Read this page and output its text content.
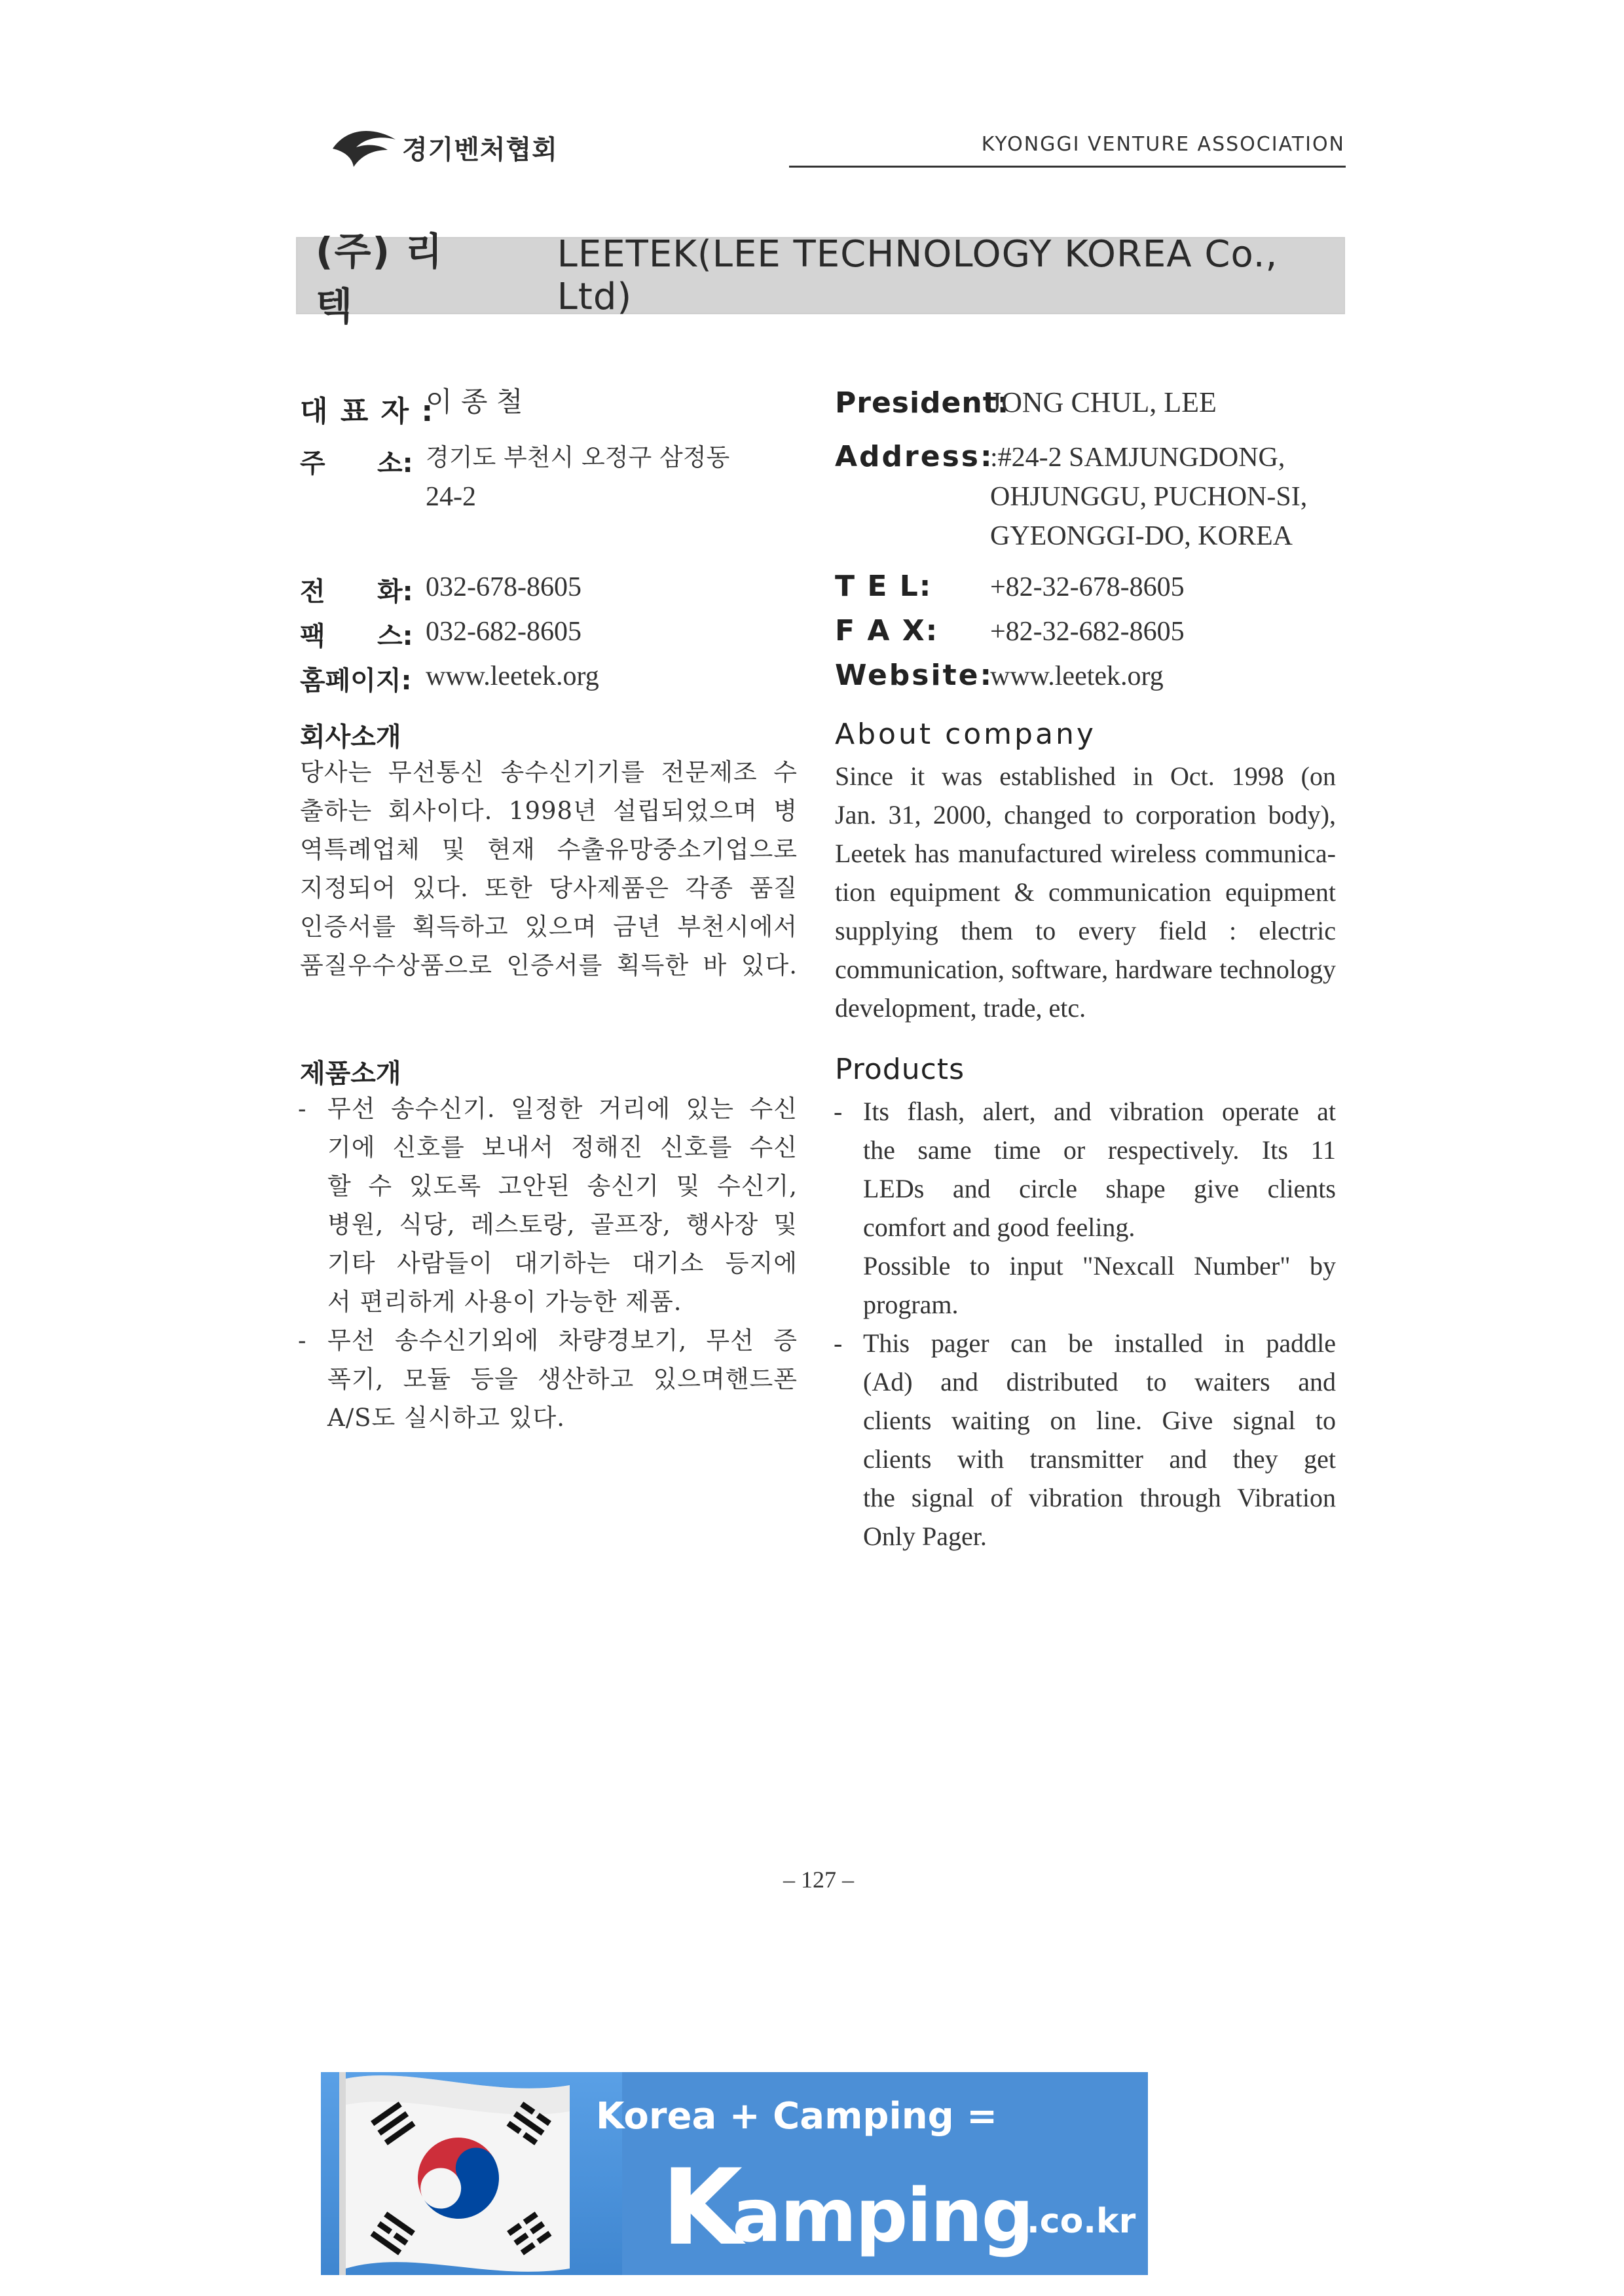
경기벤처협회	KYONGGI VENTURE ASSOCIATION
(주) 리 텍
LEETEK(LEE TECHNOLOGY KOREA Co., Ltd)
대 표 자 :
이 종 철
주 소: 경기도 부천시 오정구 삼정동
24-2
전 화: 032-678-8605
팩 스: 032-682-8605
홈페이지: www.leetek.org
President:
JONG CHUL, LEE
Address:
:#24-2 SAMJUNGDONG,
OHJUNGGU, PUCHON-SI,
GYEONGGI-DO, KOREA
T E L: +82-32-678-8605
F A X: +82-32-682-8605
Website:
www.leetek.org
회사소개
당사는 무선통신 송수신기기를 전문제조 수
출하는 회사이다. 1998년 설립되었으며 병
역특례업체 및 현재 수출유망중소기업으로
지정되어 있다. 또한 당사제품은 각종 품질
인증서를 획득하고 있으며 금년 부천시에서
품질우수상품으로 인증서를 획득한 바 있다.
About company
Since it was established in Oct. 1998 (on
Jan. 31, 2000, changed to corporation body),
Leetek has manufactured wireless communica-
tion equipment & communication equipment
supplying them to every field : electric
communication, software, hardware technology
development, trade, etc.
제품소개
- 무선 송수신기. 일정한 거리에 있는 수신
기에 신호를 보내서 정해진 신호를 수신
할 수 있도록 고안된 송신기 및 수신기,
병원, 식당, 레스토랑, 골프장, 행사장 및
기타 사람들이 대기하는 대기소 등지에
서 편리하게 사용이 가능한 제품.
- 무선 송수신기외에 차량경보기, 무선 증
폭기, 모듈 등을 생산하고 있으며핸드폰
A/S도 실시하고 있다.
Products
- Its flash, alert, and vibration operate at
the same time or respectively. Its 11
LEDs and circle shape give clients
comfort and good feeling.
Possible to input "Nexcall Number" by
program.
- This pager can be installed in paddle
(Ad) and distributed to waiters and
clients waiting on line. Give signal to
clients with transmitter and they get
the signal of vibration through Vibration
Only Pager.
– 127 –
Korea + Camping =
K
amping
.co.kr
